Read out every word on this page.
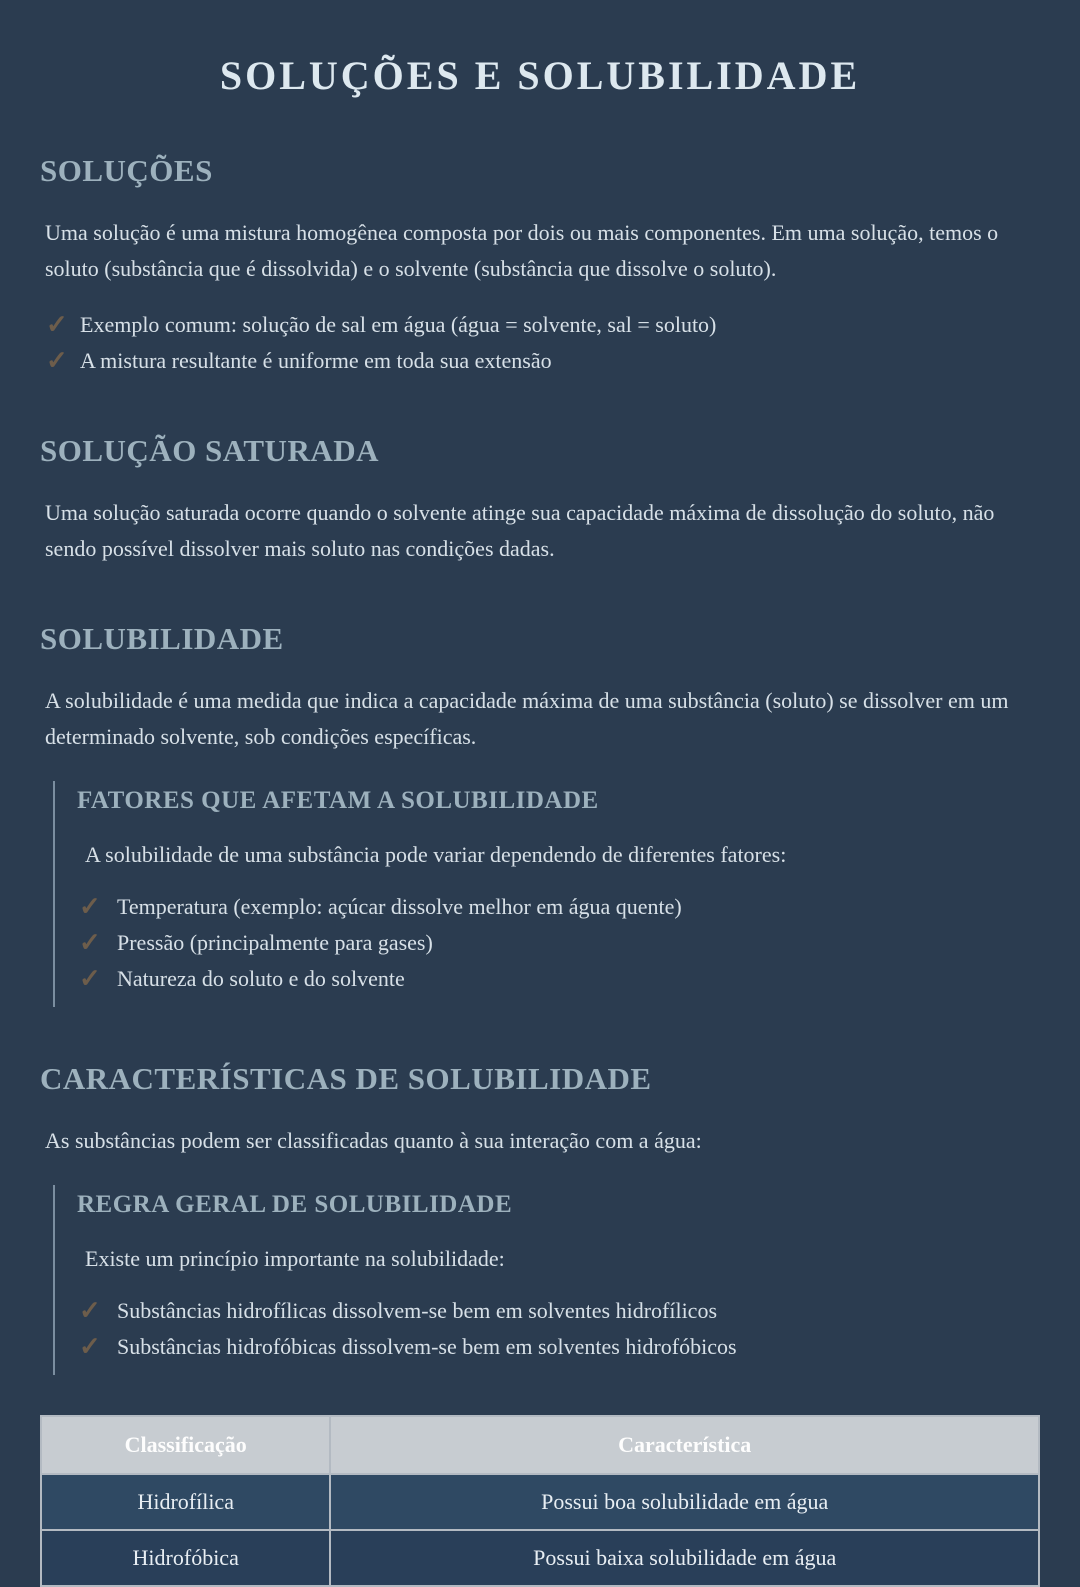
SOLUÇÕES E SOLUBILIDADE
SOLUÇÕES

Uma solução é uma mistura homogênea composta por dois ou mais componentes. Em uma solução, temos o soluto (substância que é dissolvida) e o solvente (substância que dissolve o soluto).

✓ Exemplo comum: solução de sal em água (água = solvente, sal = soluto)
✓ A mistura resultante é uniforme em toda sua extensão
SOLUÇÃO SATURADA

Uma solução saturada ocorre quando o solvente atinge sua capacidade máxima de dissolução do soluto, não sendo possível dissolver mais soluto nas condições dadas.

SOLUBILIDADE

A solubilidade é uma medida que indica a capacidade máxima de uma substância (soluto) se dissolver em um determinado solvente, sob condições específicas.

FATORES QUE AFETAM A SOLUBILIDADE

A solubilidade de uma substância pode variar dependendo de diferentes fatores:

✓ Temperatura (exemplo: açúcar dissolve melhor em água quente)
✓ Pressão (principalmente para gases)
✓ Natureza do soluto e do solvente
CARACTERÍSTICAS DE SOLUBILIDADE

As substâncias podem ser classificadas quanto à sua interação com a água:

REGRA GERAL DE SOLUBILIDADE

Existe um princípio importante na solubilidade:

✓ Substâncias hidrofílicas dissolvem-se bem em solventes hidrofílicos
✓ Substâncias hidrofóbicas dissolvem-se bem em solventes hidrofóbicos
Classificação	Característica
Hidrofílica	Possui boa solubilidade em água
Hidrofóbica	Possui baixa solubilidade em água
